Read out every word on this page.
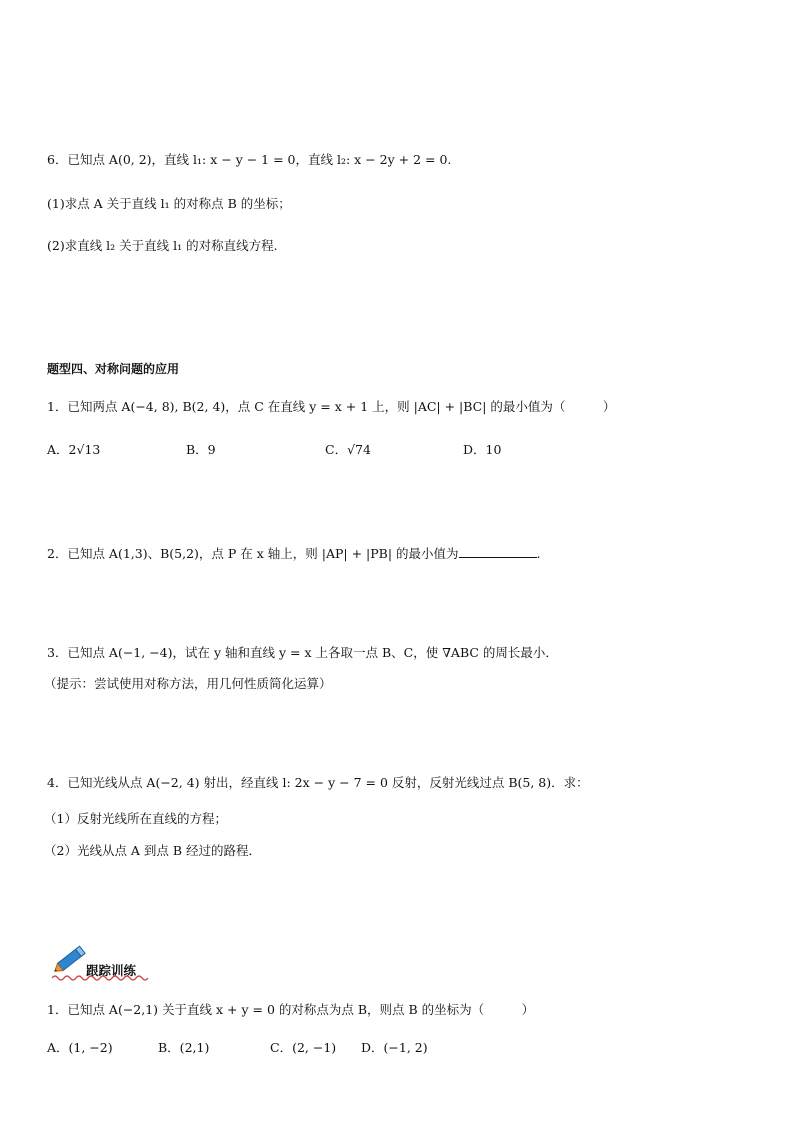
6．已知点 A(0, 2)，直线 l₁: x − y − 1 = 0，直线 l₂: x − 2y + 2 = 0.
(1)求点 A 关于直线 l₁ 的对称点 B 的坐标；
(2)求直线 l₂ 关于直线 l₁ 的对称直线方程.
题型四、对称问题的应用
1．已知两点 A(−4, 8), B(2, 4)，点 C 在直线 y = x + 1 上，则 |AC| + |BC| 的最小值为（　　　）
A．2√13	B．9	C．√74	D．10
2．已知点 A(1,3)、B(5,2)，点 P 在 x 轴上，则 |AP| + |PB| 的最小值为	.
3．已知点 A(−1, −4)，试在 y 轴和直线 y = x 上各取一点 B、C，使 ∇ABC 的周长最小．
（提示：尝试使用对称方法，用几何性质简化运算）
4．已知光线从点 A(−2, 4) 射出，经直线 l: 2x − y − 7 = 0 反射，反射光线过点 B(5, 8)．求：
（1）反射光线所在直线的方程；
（2）光线从点 A 到点 B 经过的路程．
跟踪训练
1．已知点 A(−2,1) 关于直线 x + y = 0 的对称点为点 B，则点 B 的坐标为（　　　）
A．(1, −2)	B．(2,1)	C．(2, −1) D．(−1, 2)
